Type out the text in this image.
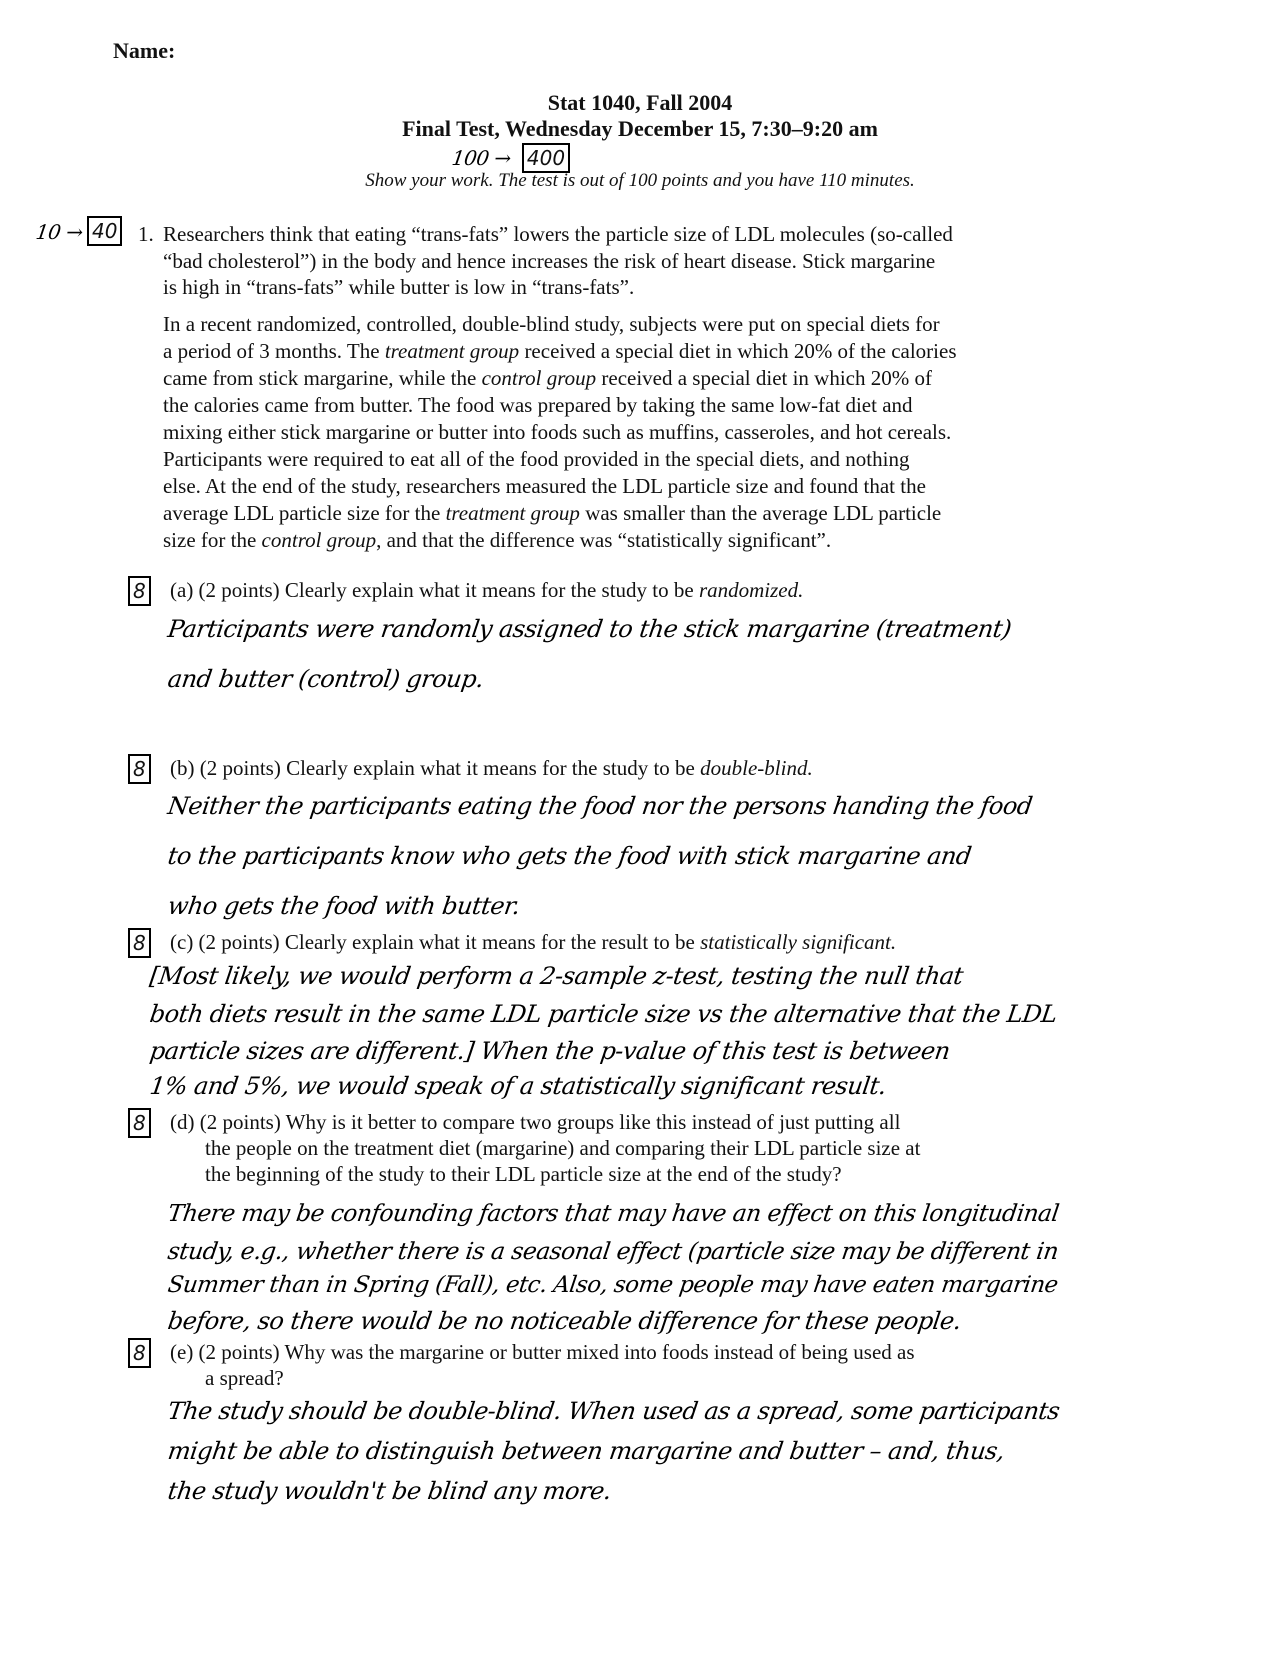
Name:
Stat 1040, Fall 2004
Final Test, Wednesday December 15, 7:30–9:20 am
100 → 400
Show your work. The test is out of 100 points and you have 110 minutes.
10 → 40 1. Researchers think that eating “trans-fats” lowers the particle size of LDL molecules (so-called
“bad cholesterol”) in the body and hence increases the risk of heart disease. Stick margarine
is high in “trans-fats” while butter is low in “trans-fats”.
In a recent randomized, controlled, double-blind study, subjects were put on special diets for
a period of 3 months. The treatment group received a special diet in which 20% of the calories
came from stick margarine, while the control group received a special diet in which 20% of
the calories came from butter. The food was prepared by taking the same low-fat diet and
mixing either stick margarine or butter into foods such as muffins, casseroles, and hot cereals.
Participants were required to eat all of the food provided in the special diets, and nothing
else. At the end of the study, researchers measured the LDL particle size and found that the
average LDL particle size for the treatment group was smaller than the average LDL particle
size for the control group, and that the difference was “statistically significant”.
8 (a) (2 points) Clearly explain what it means for the study to be randomized.
Participants were randomly assigned to the stick margarine (treatment)
and butter (control) group.
8 (b) (2 points) Clearly explain what it means for the study to be double-blind.
Neither the participants eating the food nor the persons handing the food
to the participants know who gets the food with stick margarine and
who gets the food with butter.
8 (c) (2 points) Clearly explain what it means for the result to be statistically significant.
[Most likely, we would perform a 2-sample z-test, testing the null that
both diets result in the same LDL particle size vs the alternative that the LDL
particle sizes are different.] When the p-value of this test is between
1% and 5%, we would speak of a statistically significant result.
8 (d) (2 points) Why is it better to compare two groups like this instead of just putting all
the people on the treatment diet (margarine) and comparing their LDL particle size at
the beginning of the study to their LDL particle size at the end of the study?
There may be confounding factors that may have an effect on this longitudinal
study, e.g., whether there is a seasonal effect (particle size may be different in
Summer than in Spring (Fall), etc. Also, some people may have eaten margarine
before, so there would be no noticeable difference for these people.
8 (e) (2 points) Why was the margarine or butter mixed into foods instead of being used as
a spread?
The study should be double-blind. When used as a spread, some participants
might be able to distinguish between margarine and butter – and, thus,
the study wouldn't be blind any more.
